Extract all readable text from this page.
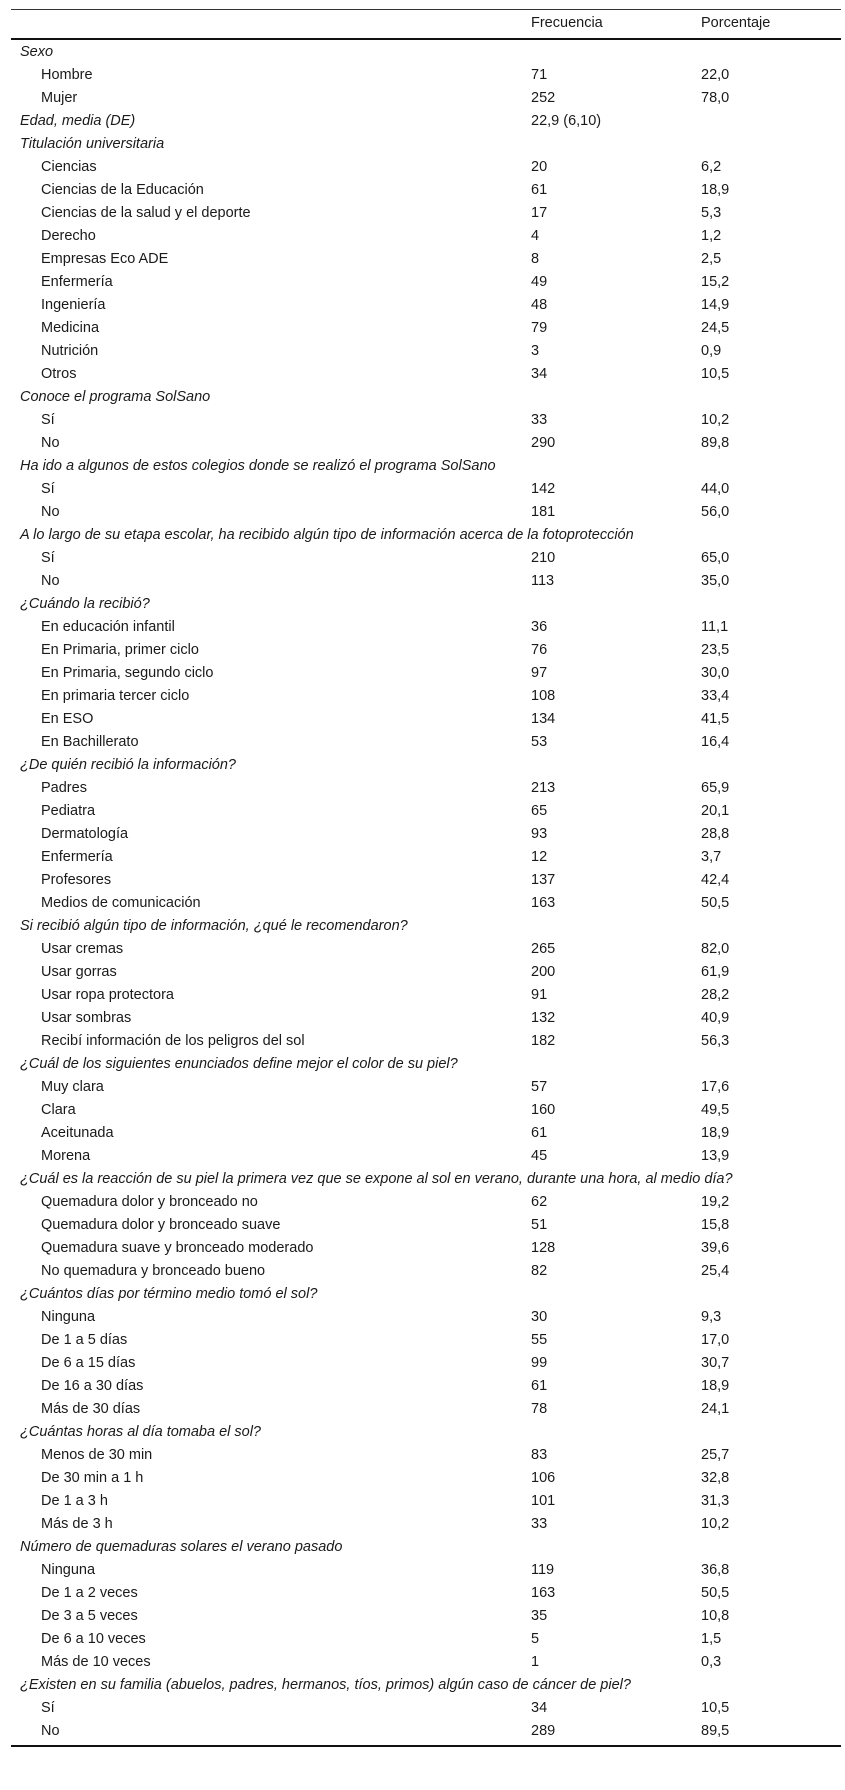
Frecuencia	Porcentaje
Sexo
Hombre	71	22,0
Mujer	252	78,0
Edad, media (DE)	22,9 (6,10)
Titulación universitaria
Ciencias	20	6,2
Ciencias de la Educación	61	18,9
Ciencias de la salud y el deporte	17	5,3
Derecho	4	1,2
Empresas Eco ADE	8	2,5
Enfermería	49	15,2
Ingeniería	48	14,9
Medicina	79	24,5
Nutrición	3	0,9
Otros	34	10,5
Conoce el programa SolSano
Sí	33	10,2
No	290	89,8
Ha ido a algunos de estos colegios donde se realizó el programa SolSano
Sí	142	44,0
No	181	56,0
A lo largo de su etapa escolar, ha recibido algún tipo de información acerca de la fotoprotección
Sí	210	65,0
No	113	35,0
¿Cuándo la recibió?
En educación infantil	36	11,1
En Primaria, primer ciclo	76	23,5
En Primaria, segundo ciclo	97	30,0
En primaria tercer ciclo	108	33,4
En ESO	134	41,5
En Bachillerato	53	16,4
¿De quién recibió la información?
Padres	213	65,9
Pediatra	65	20,1
Dermatología	93	28,8
Enfermería	12	3,7
Profesores	137	42,4
Medios de comunicación	163	50,5
Si recibió algún tipo de información, ¿qué le recomendaron?
Usar cremas	265	82,0
Usar gorras	200	61,9
Usar ropa protectora	91	28,2
Usar sombras	132	40,9
Recibí información de los peligros del sol	182	56,3
¿Cuál de los siguientes enunciados define mejor el color de su piel?
Muy clara	57	17,6
Clara	160	49,5
Aceitunada	61	18,9
Morena	45	13,9
¿Cuál es la reacción de su piel la primera vez que se expone al sol en verano, durante una hora, al medio día?
Quemadura dolor y bronceado no	62	19,2
Quemadura dolor y bronceado suave	51	15,8
Quemadura suave y bronceado moderado	128	39,6
No quemadura y bronceado bueno	82	25,4
¿Cuántos días por término medio tomó el sol?
Ninguna	30	9,3
De 1 a 5 días	55	17,0
De 6 a 15 días	99	30,7
De 16 a 30 días	61	18,9
Más de 30 días	78	24,1
¿Cuántas horas al día tomaba el sol?
Menos de 30 min	83	25,7
De 30 min a 1 h	106	32,8
De 1 a 3 h	101	31,3
Más de 3 h	33	10,2
Número de quemaduras solares el verano pasado
Ninguna	119	36,8
De 1 a 2 veces	163	50,5
De 3 a 5 veces	35	10,8
De 6 a 10 veces	5	1,5
Más de 10 veces	1	0,3
¿Existen en su familia (abuelos, padres, hermanos, tíos, primos) algún caso de cáncer de piel?
Sí	34	10,5
No	289	89,5
